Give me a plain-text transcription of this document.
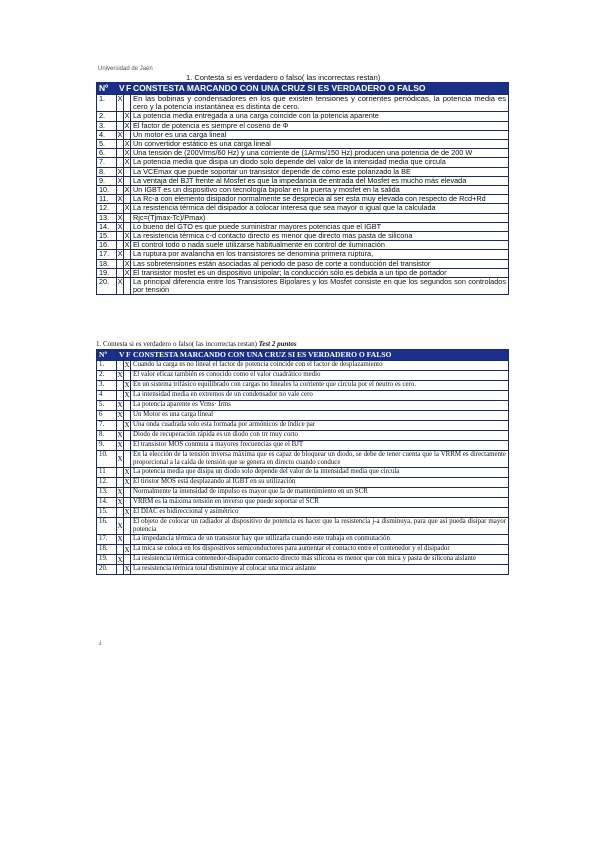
Universidad de Jaén
1. Contesta si es verdadero o falso( las incorrectas restan)
Nº	V	F	CONSTESTA MARCANDO CON UNA CRUZ SI ES VERDADERO O FALSO
1.	X		En las bobinas y condensadores en los que existen tensiones y corrientes periódicas, la potencia media es cero y la potencia instantánea es distinta de cero.
2.		X	La potencia media entregada a una carga coincide con la potencia aparente
3.		X	El factor de potencia es siempre el coseno de Φ
4.	X		Un motor es una carga lineal
5.		X	Un convertidor estático es una carga lineal
6.		X	Una tensión de (200Vrms/60 Hz) y una corriente de (1Arms/150 Hz) producen una potencia de de 200 W
7.		X	La potencia media que disipa un diodo solo depende del valor de la intensidad media que circula
8.	X		La VCEmax que puede soportar un transistor depende de cómo este polarizado la BE
9.	X		La ventaja del BJT frente al Mosfet es que la impedancia de entrada del Mosfet es mucho más elevada
10.		X	Un IGBT es un dispositivo con tecnología bipolar en la puerta y mosfet en la salida
11.	X		La Rc-a con elemento disipador normalmente se desprecia al ser esta muy elevada con respecto de Rcd+Rd
12.		X	La resistencia térmica del disipador a colocar interesa que sea mayor o igual que la calculada
13.	X		Rjc=(Tjmax-Tc)/Pmax)
14.	X		Lo bueno del GTO es que puede suministrar mayores potencias que el IGBT
15.		X	La resistencia térmica c-d contacto directo es menor que directo mas pasta de silicona
16.		X	El control todo o nada suele utilizarse habitualmente en control de iluminación
17.	X		La ruptura por avalancha en los transistores se denomina primera ruptura,
18.		X	Las sobretensiones están asociadas al periodo de paso de corte a conducción del transistor
19.		X	El transistor mosfet es un dispositivo unipolar; la conducción sólo es debida a un tipo de portador
20.	X		La principal diferencia entre los Transistores Bipolares y los Mosfet consiste en que los segundos son controlados por tensión
1. Contesta si es verdadero o falso( las incorrectas restan) Test 2 puntos
Nº	V	F	CONSTESTA MARCANDO CON UNA CRUZ SI ES VERDADERO O FALSO
1.		X	Cuando la carga es no lineal el factor de potencia coincide con el factor de desplazamiento
2.	X		El valor eficaz también es conocido como el valor cuadrático medio
3.		X	En un sistema trifásico equilibrado con cargas no lineales la corriente que circula por el neutro es cero.
4		X	La intensidad media en extremos de un condensador no vale cero
5.	X		La potencia aparente es Vrms· Irms
6	X		Un Motor es una carga lineal
7.		X	Una onda cuadrada solo esta formada por armónicos de índice par
8.	X		Diodo de recuperación rápida es un diodo con trr muy corto
9.	X		El transistor MOS conmuta a mayores frecuencias que el BJT
10.	X		En la elección de la tensión inversa máxima que es capaz de bloquear un diodo, se debe de tener cuenta que la VRRM es directamente proporcional a la caída de tensión que se genera en directo cuando conduce
11		X	La potencia media que disipa un diodo solo depende del valor de la intensidad media que circula
12.		X	El tiristor MOS está desplazando al IGBT en su utilización
13.	X		Normalmente la intensidad de impulso es mayor que la de mantenimiento en un SCR
14.	X		VRRM es la máxima tensión en inverso que puede soportar el SCR
15.		X	El DIAC es bidireccional y asimétrico
16.	X		El objeto de colocar un radiador al dispositivo de potencia es hacer que la resistencia j-a disminuya, para que así pueda disipar mayor potencia
17.	X		La impedancia térmica de un transistor hay que utilizarla cuando este trabaja en conmutación
18.		X	La mica se coloca en los dispositivos semiconductores para aumentar el contacto entre el contenedor y el disipador
19.	X		La resistencia térmica contenedor-disipador contacto directo más silicona es menor que con mica y pasta de silicona aislante
20.		X	La resistencia térmica total disminuye al colocar una mica aislante
Ⅎ
